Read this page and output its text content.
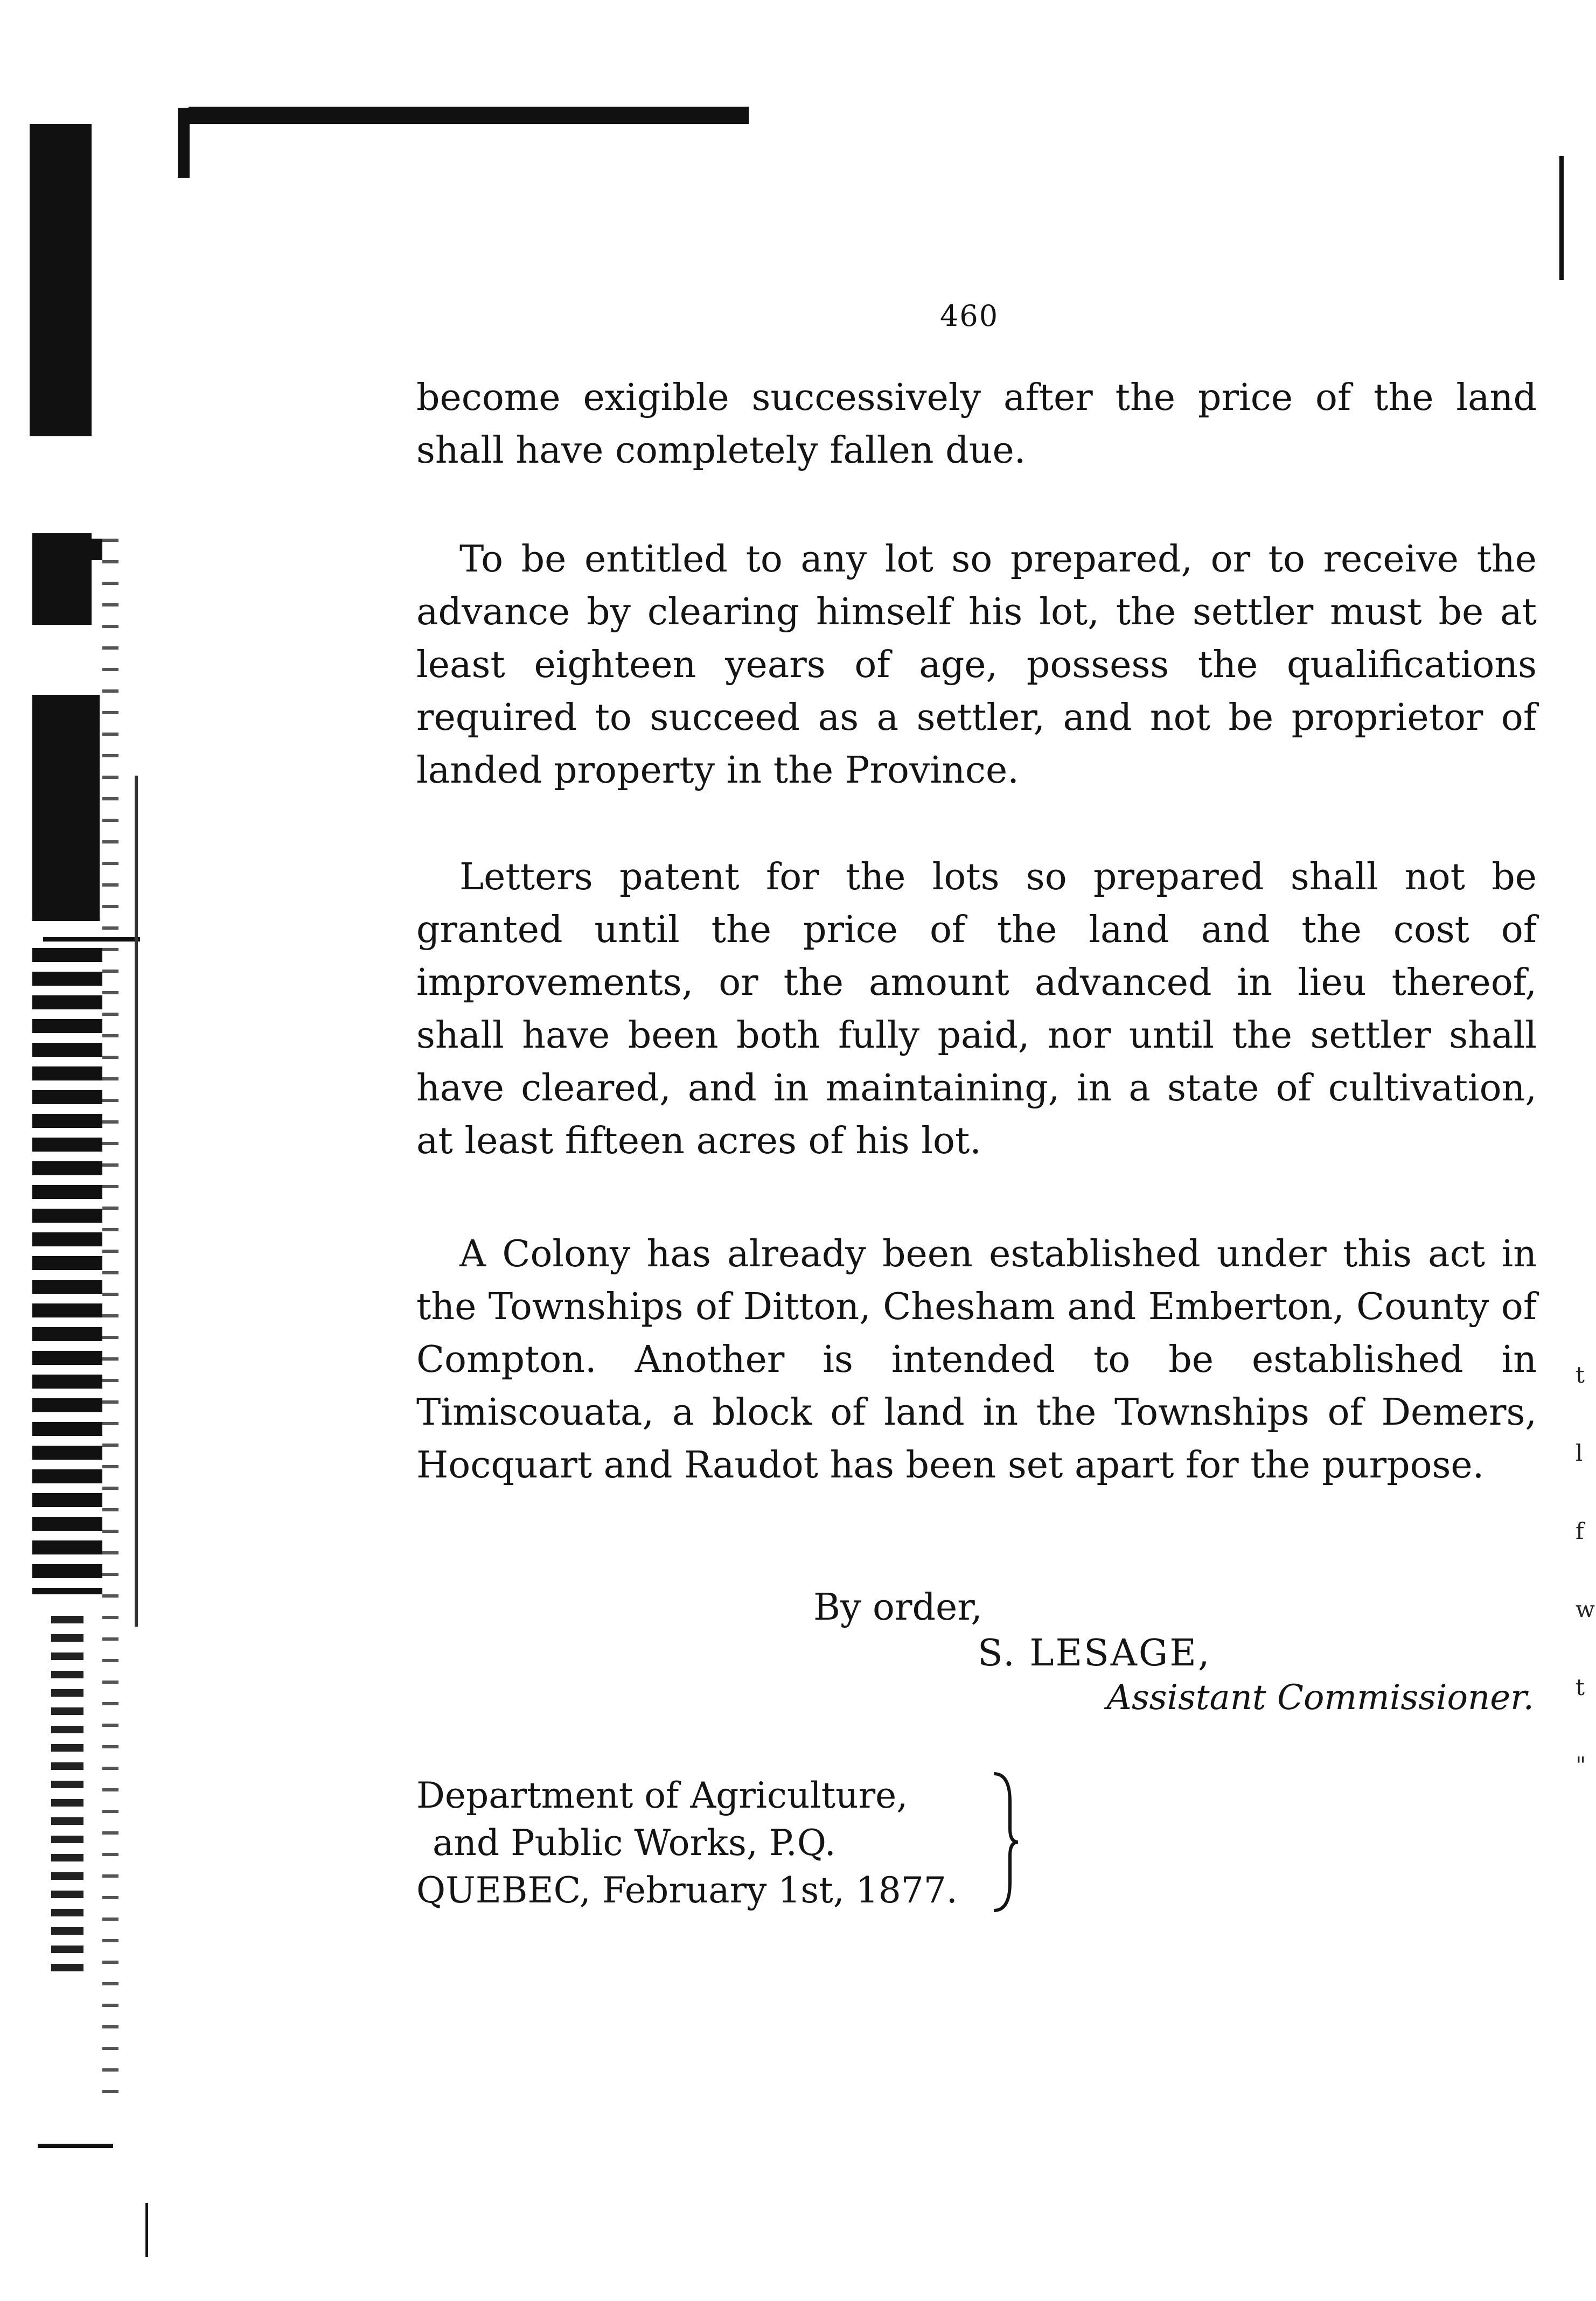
t l f w t "
460

become exigible successively after the price of the land shall have completely fallen due.

To be entitled to any lot so prepared, or to receive the advance by clearing himself his lot, the settler must be at least eighteen years of age, possess the qualifications required to succeed as a settler, and not be proprietor of landed property in the Province.

Letters patent for the lots so prepared shall not be granted until the price of the land and the cost of improvements, or the amount advanced in lieu thereof, shall have been both fully paid, nor until the settler shall have cleared, and in maintaining, in a state of cultivation, at least fifteen acres of his lot.

A Colony has already been established under this act in the Townships of Ditton, Chesham and Emberton, County of Compton. Another is intended to be established in Timiscouata, a block of land in the Townships of Demers, Hocquart and Raudot has been set apart for the purpose.

By order,
S. LESAGE,
Assistant Commissioner.
Department of Agriculture,
and Public Works, P.Q.
QUEBEC, February 1st, 1877.
